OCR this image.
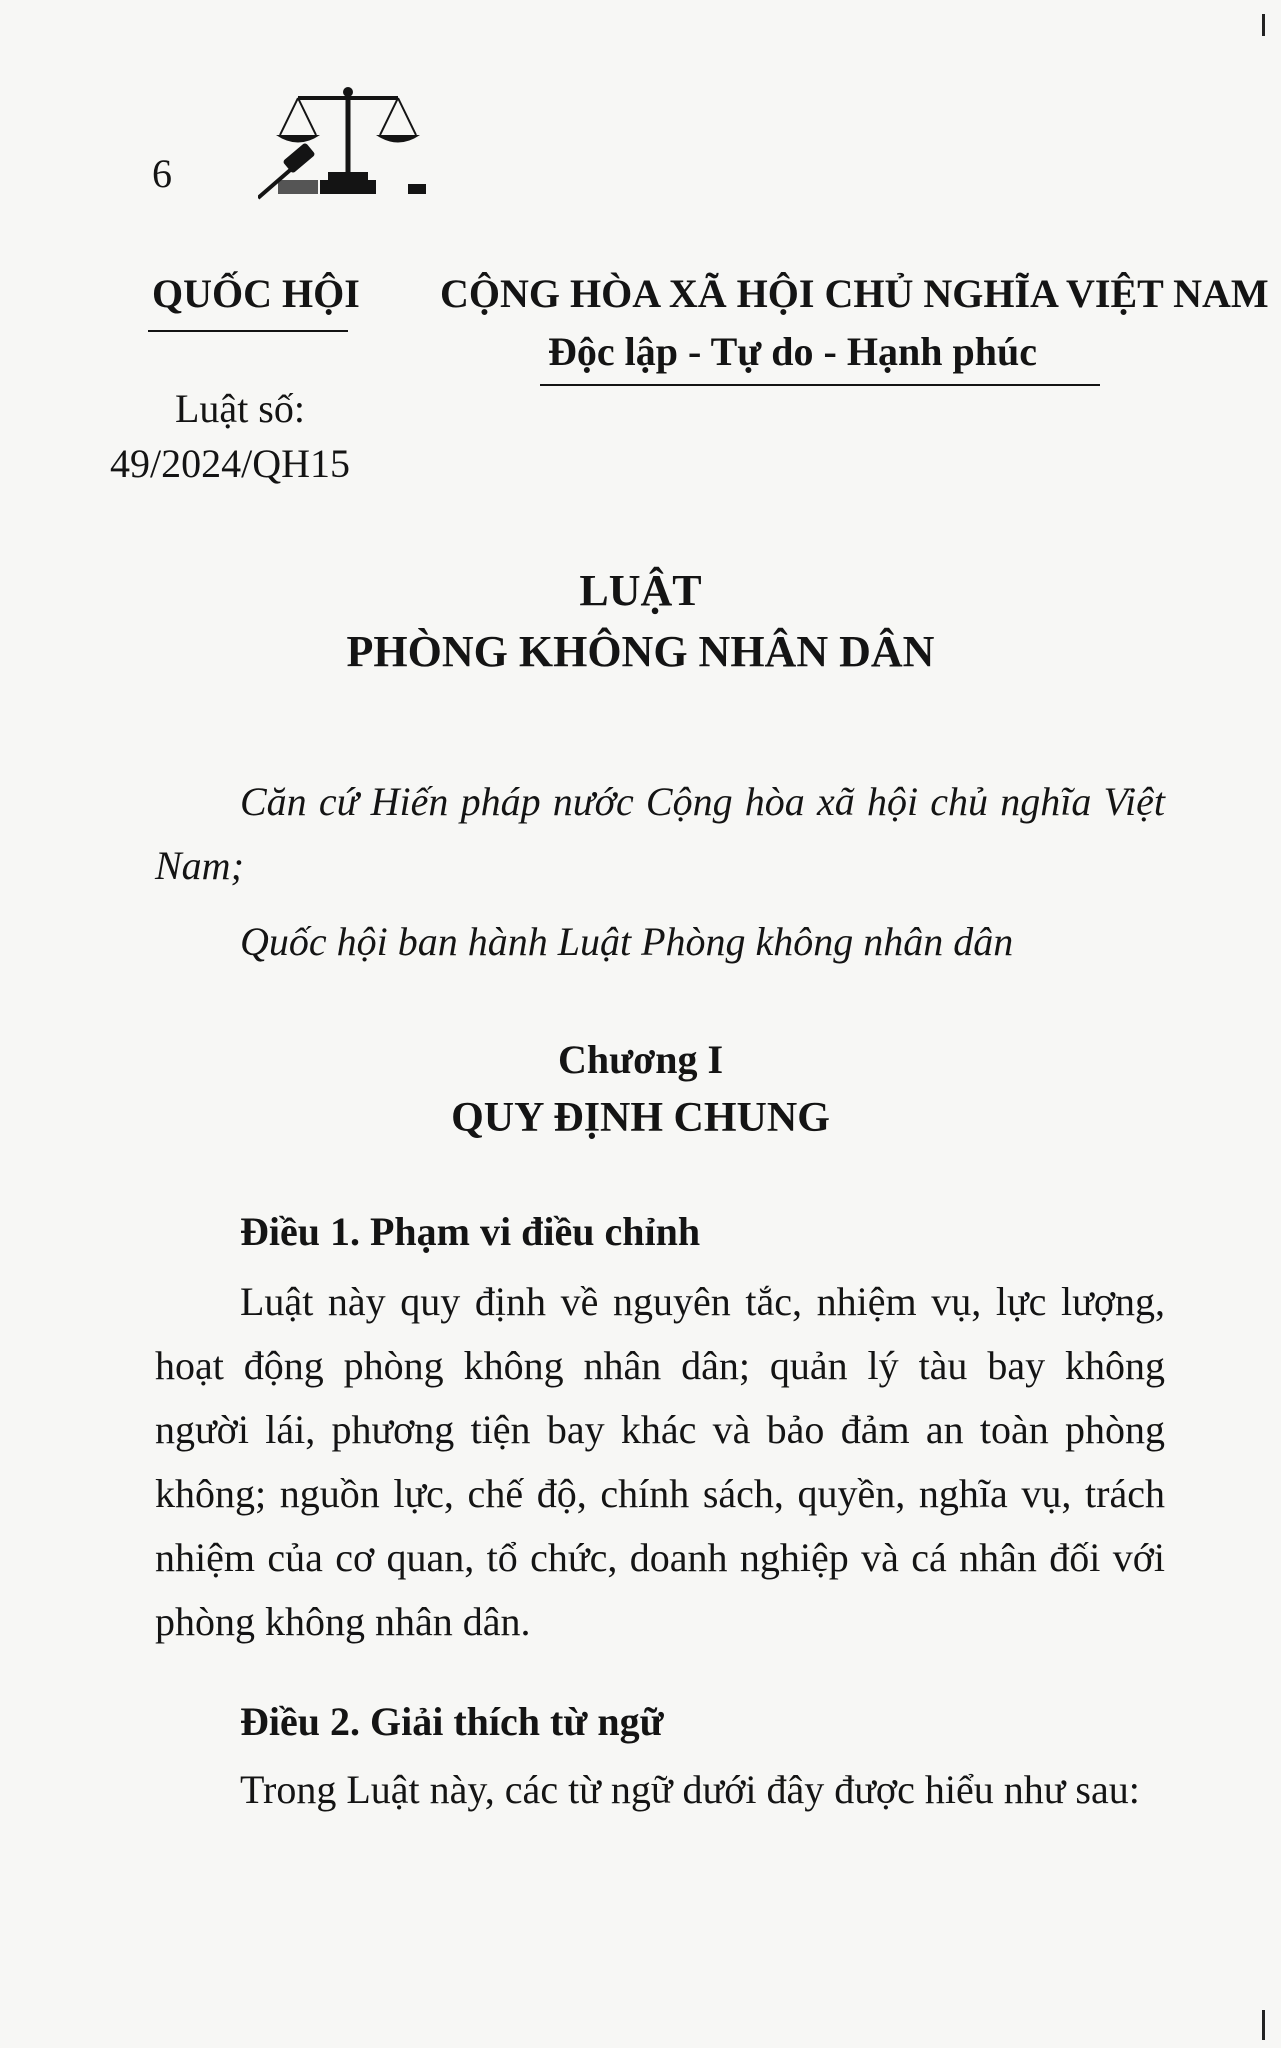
6
QUỐC HỘI CỘNG HÒA XÃ HỘI CHỦ NGHĨA VIỆT NAM
Độc lập - Tự do - Hạnh phúc
Luật số:
49/2024/QH15
LUẬT
PHÒNG KHÔNG NHÂN DÂN
Căn cứ Hiến pháp nước Cộng hòa xã hội chủ nghĩa Việt Nam;
Quốc hội ban hành Luật Phòng không nhân dân
Chương I
QUY ĐỊNH CHUNG
Điều 1. Phạm vi điều chỉnh
Luật này quy định về nguyên tắc, nhiệm vụ, lực lượng, hoạt động phòng không nhân dân; quản lý tàu bay không người lái, phương tiện bay khác và bảo đảm an toàn phòng không; nguồn lực, chế độ, chính sách, quyền, nghĩa vụ, trách nhiệm của cơ quan, tổ chức, doanh nghiệp và cá nhân đối với phòng không nhân dân.
Điều 2. Giải thích từ ngữ
Trong Luật này, các từ ngữ dưới đây được hiểu như sau:
